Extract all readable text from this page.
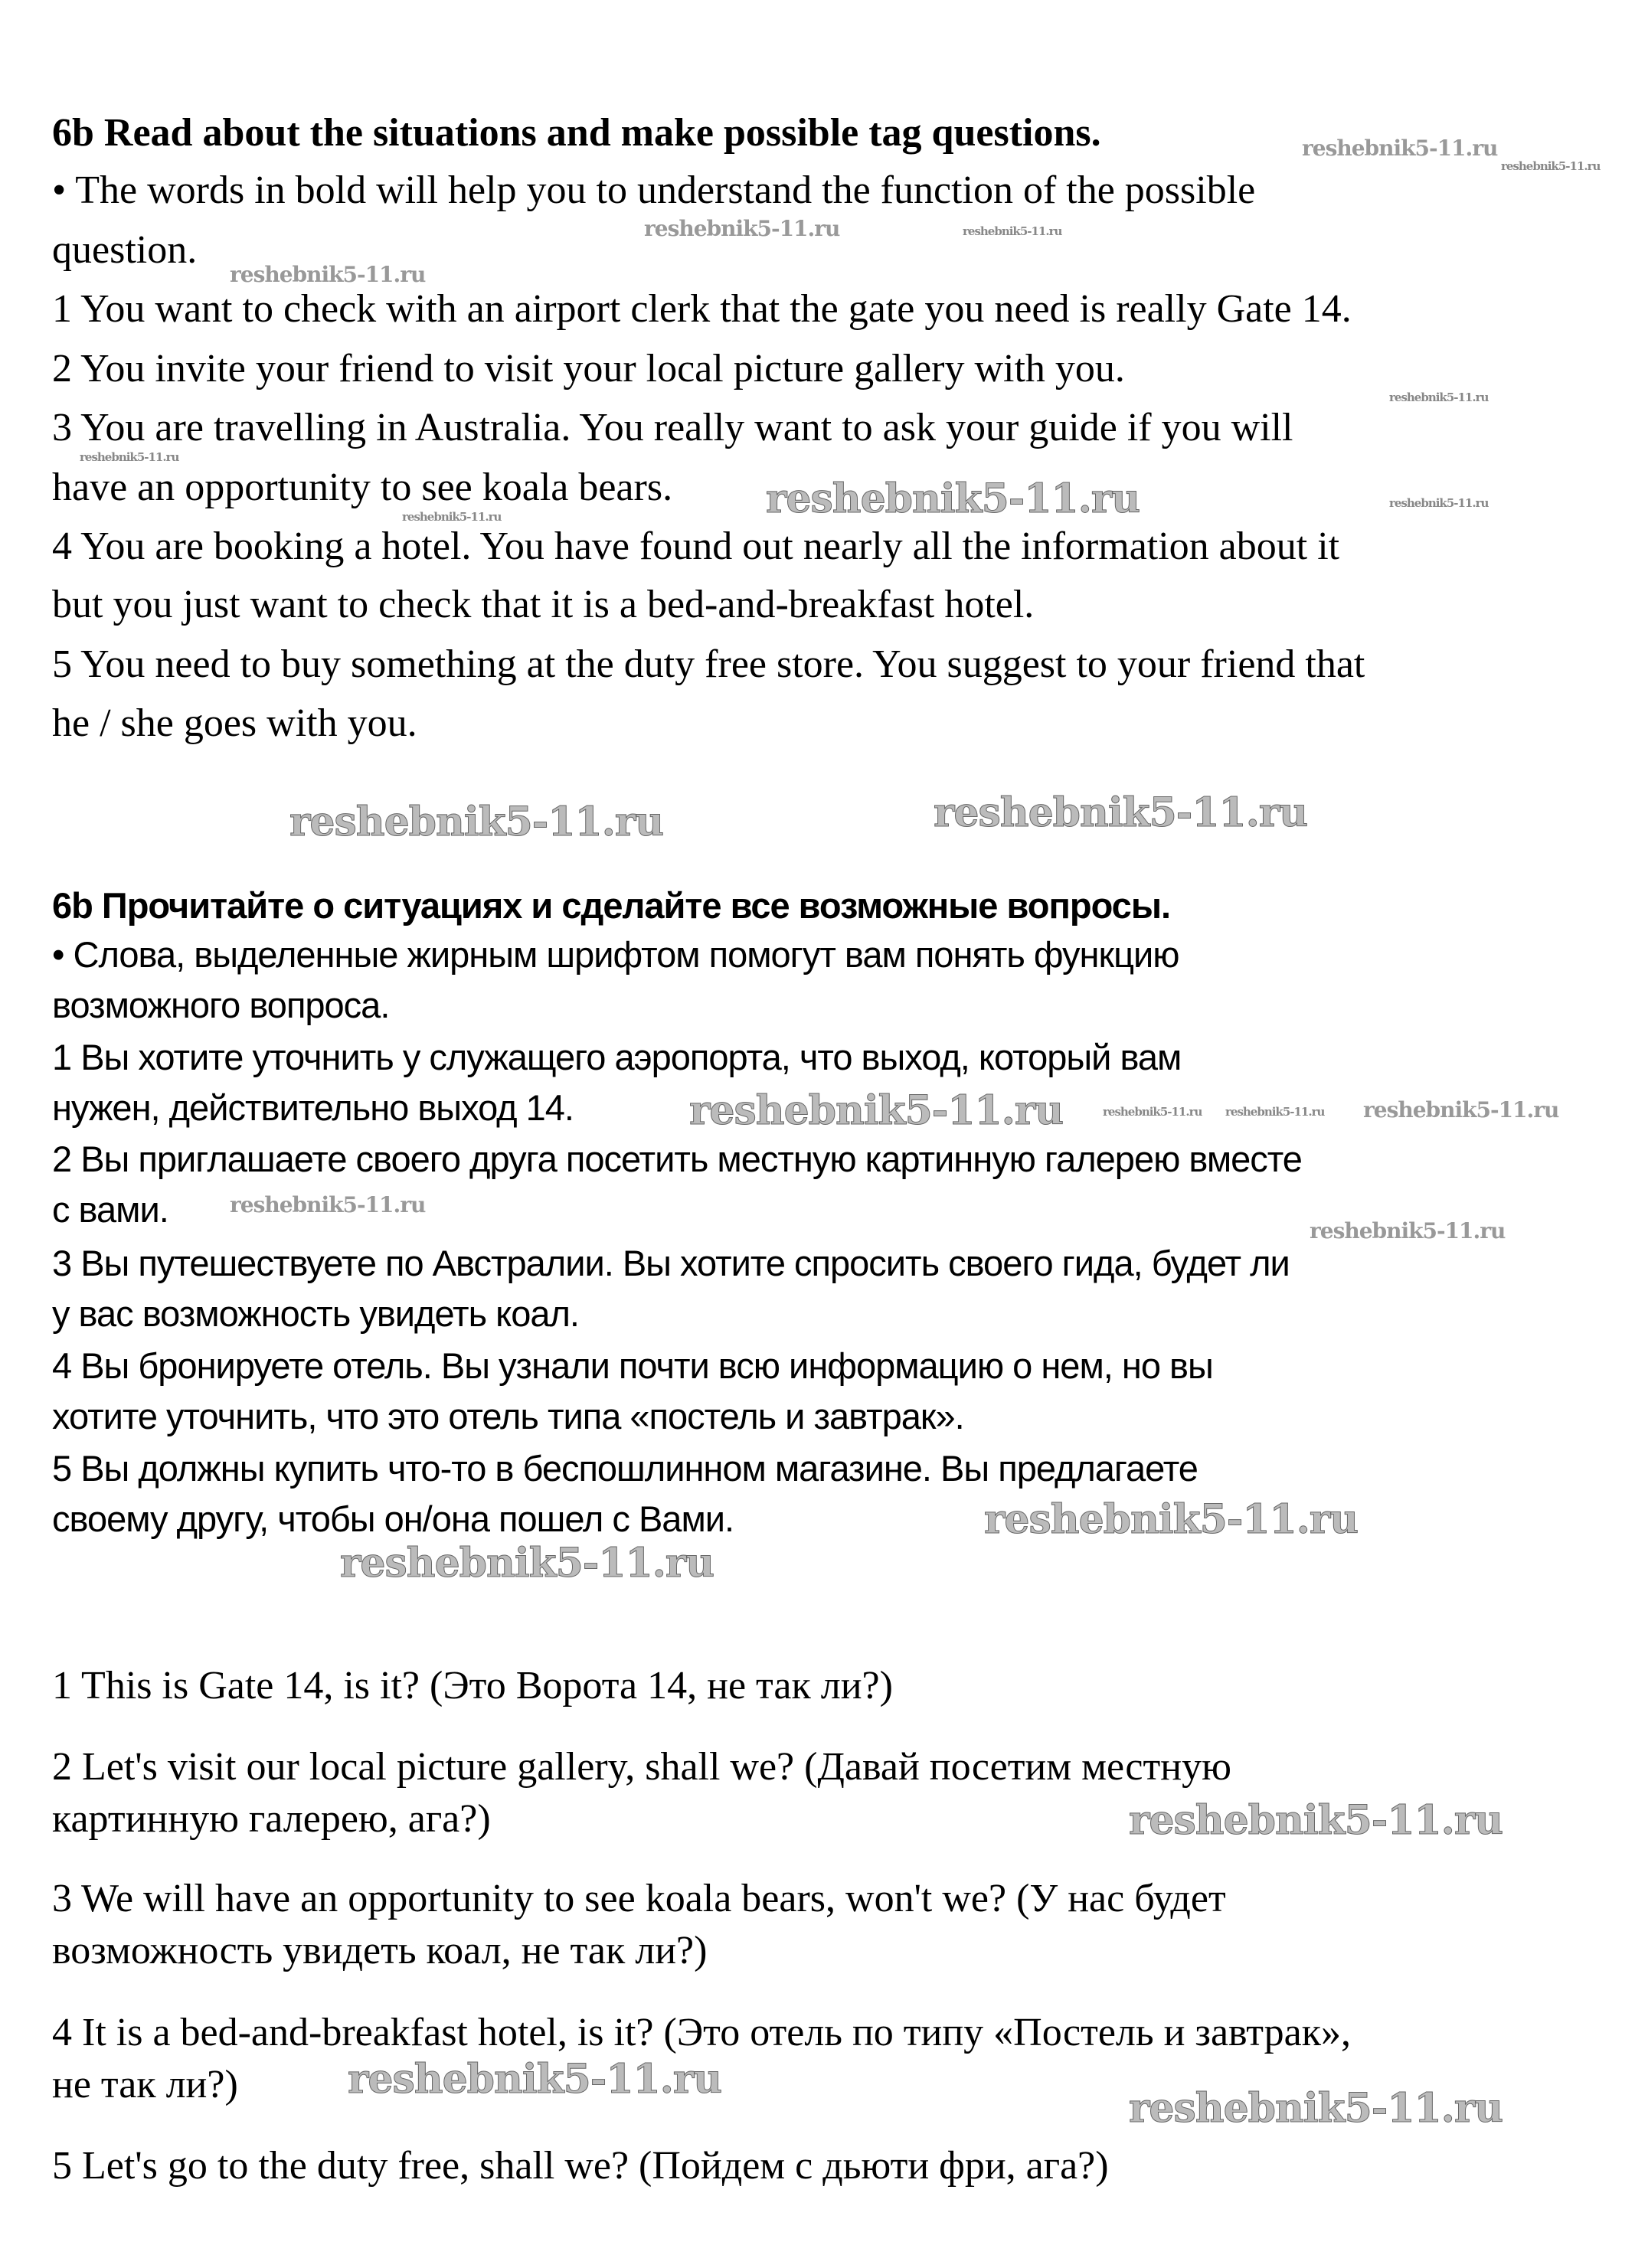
6b Read about the situations and make possible tag questions.
• The words in bold will help you to understand the function of the possible
question.
1 You want to check with an airport clerk that the gate you need is really Gate 14.
2 You invite your friend to visit your local picture gallery with you.
3 You are travelling in Australia. You really want to ask your guide if you will
have an opportunity to see koala bears.
4 You are booking a hotel. You have found out nearly all the information about it
but you just want to check that it is a bed-and-breakfast hotel.
5 You need to buy something at the duty free store. You suggest to your friend that
he / she goes with you.
6b Прочитайте о ситуациях и сделайте все возможные вопросы.
• Слова, выделенные жирным шрифтом помогут вам понять функцию
возможного вопроса.
1 Вы хотите уточнить у служащего аэропорта, что выход, который вам
нужен, действительно выход 14.
2 Вы приглашаете своего друга посетить местную картинную галерею вместе
с вами.
3 Вы путешествуете по Австралии. Вы хотите спросить своего гида, будет ли
у вас возможность увидеть коал.
4 Вы бронируете отель. Вы узнали почти всю информацию о нем, но вы
хотите уточнить, что это отель типа «постель и завтрак».
5 Вы должны купить что-то в беспошлинном магазине. Вы предлагаете
своему другу, чтобы он/она пошел с Вами.
1 This is Gate 14, is it? (Это Ворота 14, не так ли?)
2 Let's visit our local picture gallery, shall we? (Давай посетим местную
картинную галерею, ага?)
3 We will have an opportunity to see koala bears, won't we? (У нас будет
возможность увидеть коал, не так ли?)
4 It is a bed-and-breakfast hotel, is it? (Это отель по типу «Постель и завтрак»,
не так ли?)
5 Let's go to the duty free, shall we? (Пойдем с дьюти фри, ага?)
reshebnik5-11.ru
reshebnik5-11.ru
reshebnik5-11.ru	reshebnik5-11.ru
reshebnik5-11.ru
reshebnik5-11.ru
reshebnik5-11.ru
reshebnik5-11.ru	reshebnik5-11.ru	reshebnik5-11.ru
reshebnik5-11.ru	reshebnik5-11.ru
reshebnik5-11.ru reshebnik5-11.ru reshebnik5-11.ru
reshebnik5-11.ru
reshebnik5-11.ru
reshebnik5-11.ru
reshebnik5-11.ru
reshebnik5-11.ru
reshebnik5-11.ru
reshebnik5-11.ru
reshebnik5-11.ru
